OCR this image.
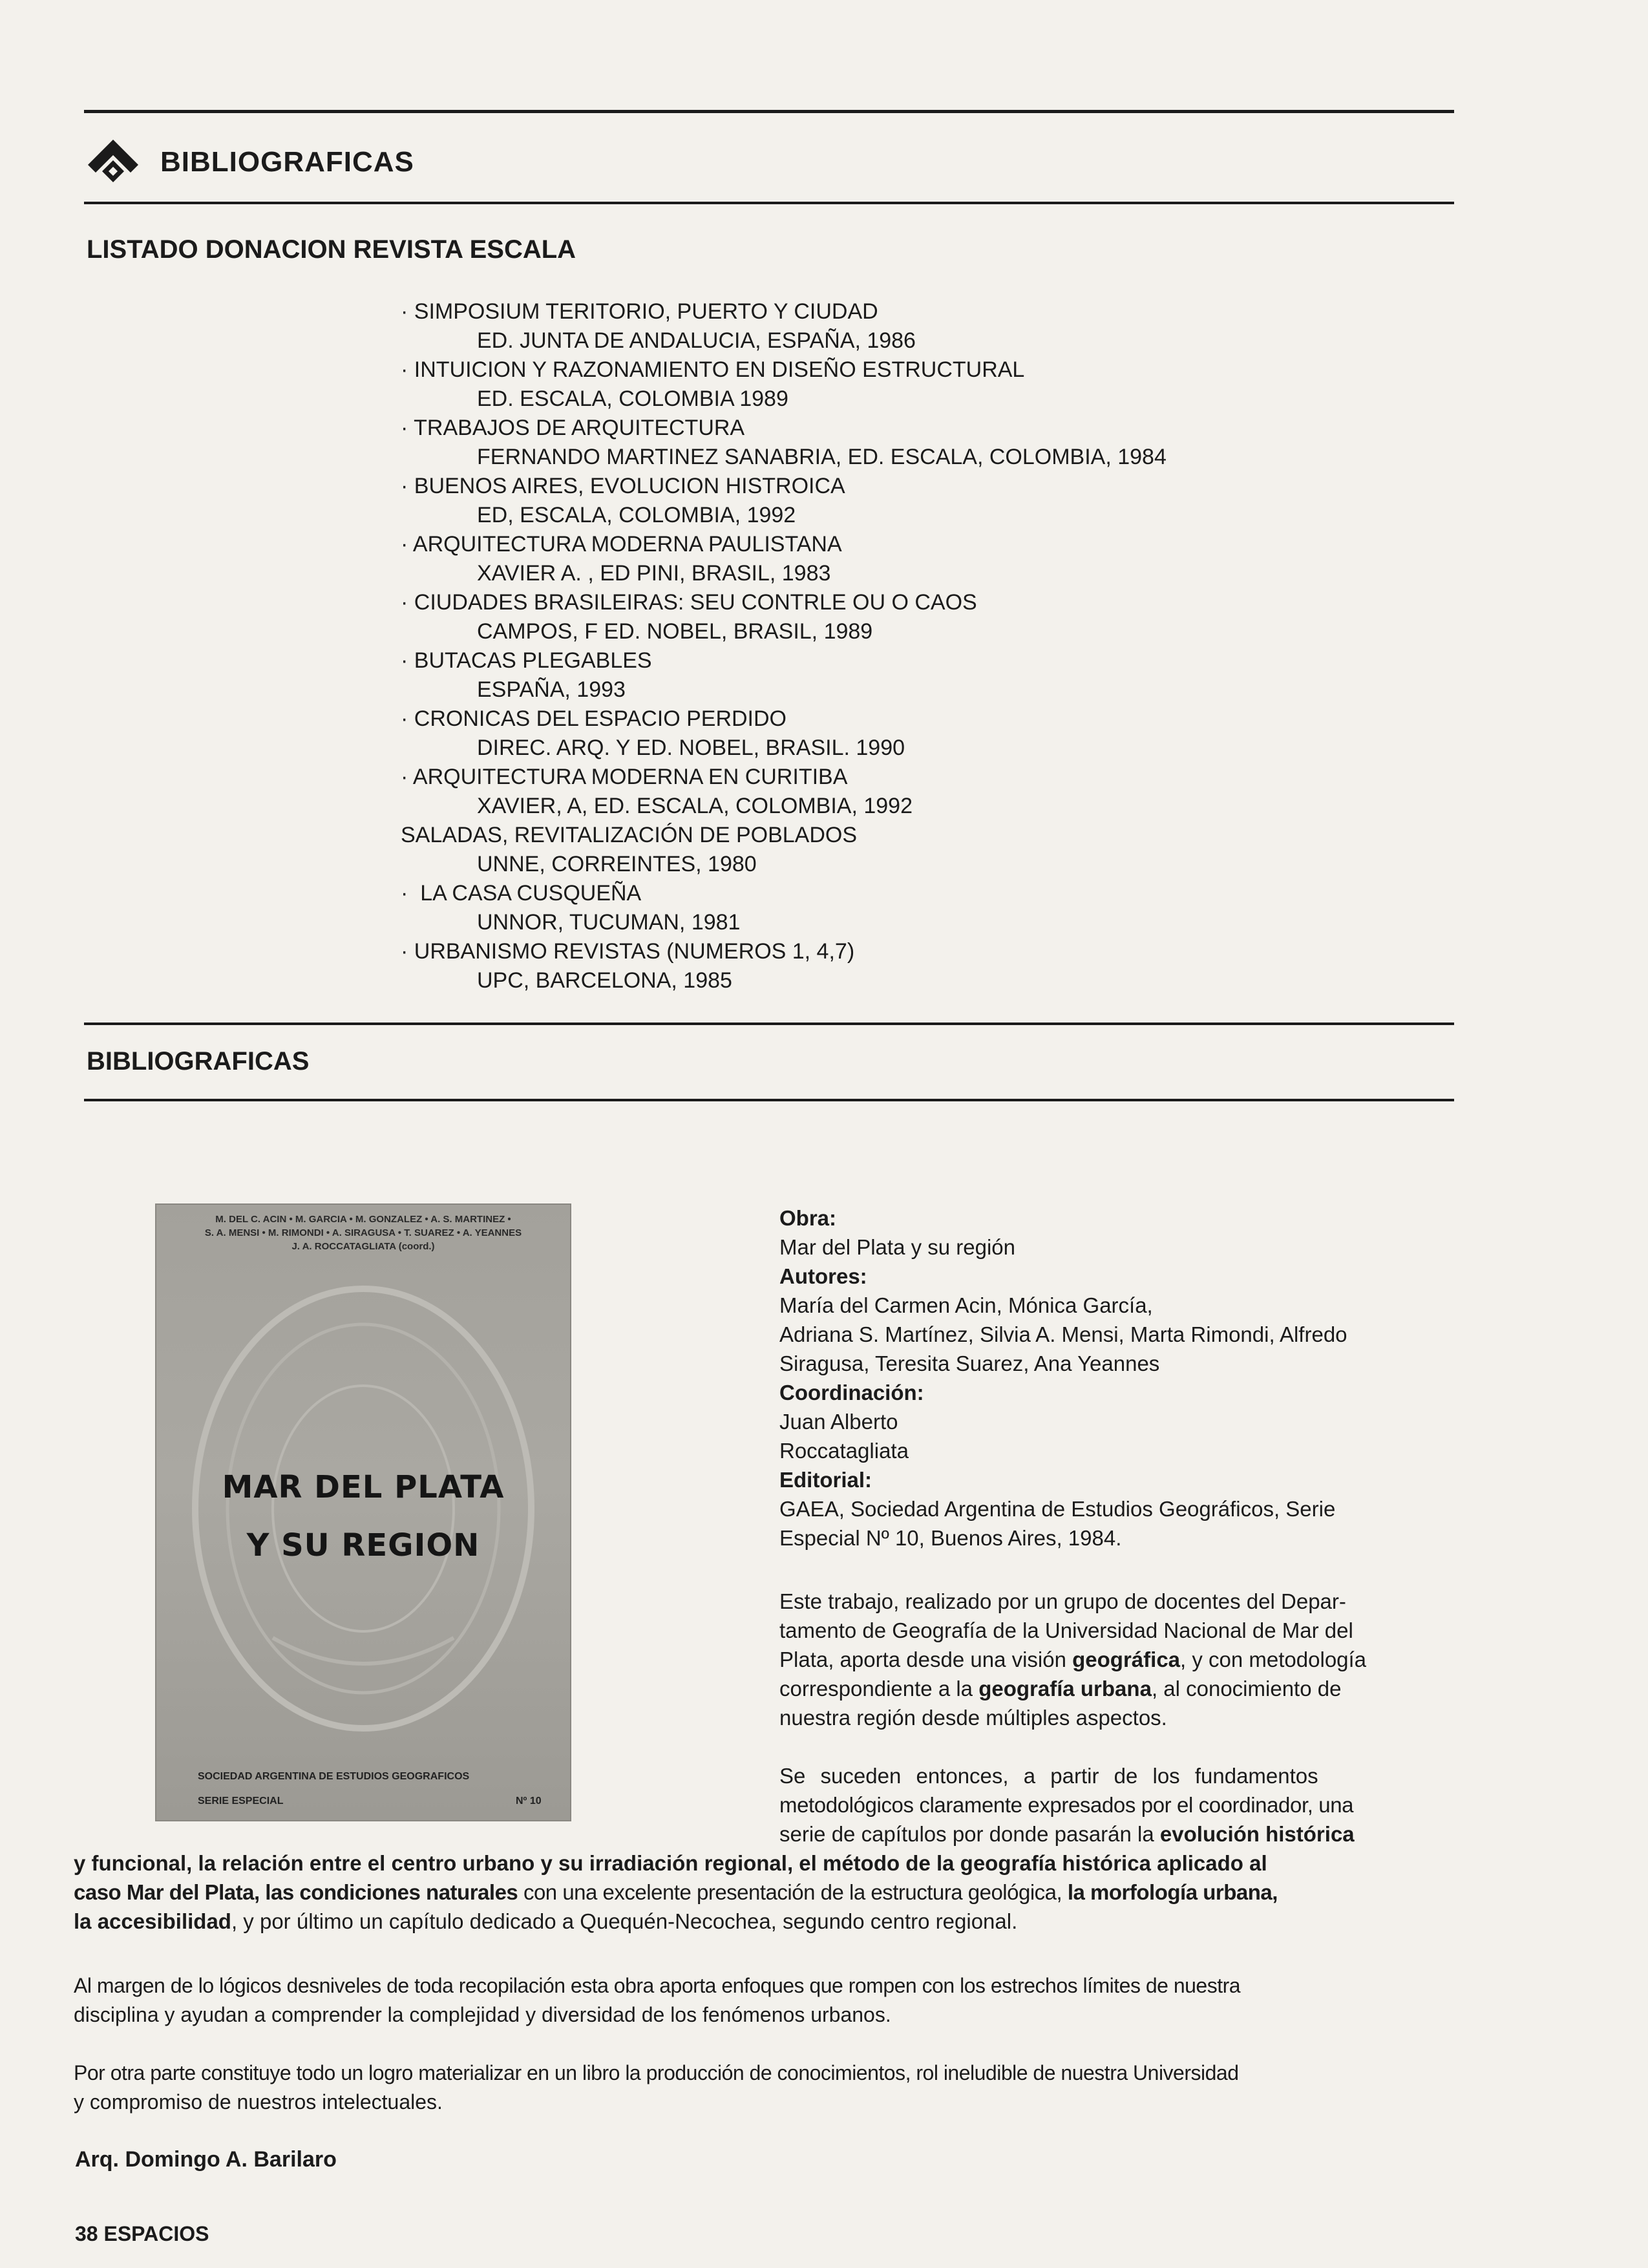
BIBLIOGRAFICAS
LISTADO DONACION REVISTA ESCALA
· SIMPOSIUM TERITORIO, PUERTO Y CIUDAD
ED. JUNTA DE ANDALUCIA, ESPAÑA, 1986
· INTUICION Y RAZONAMIENTO EN DISEÑO ESTRUCTURAL
ED. ESCALA, COLOMBIA 1989
· TRABAJOS DE ARQUITECTURA
FERNANDO MARTINEZ SANABRIA, ED. ESCALA, COLOMBIA, 1984
· BUENOS AIRES, EVOLUCION HISTROICA
ED, ESCALA, COLOMBIA, 1992
· ARQUITECTURA MODERNA PAULISTANA
XAVIER A. , ED PINI, BRASIL, 1983
· CIUDADES BRASILEIRAS: SEU CONTRLE OU O CAOS
CAMPOS, F ED. NOBEL, BRASIL, 1989
· BUTACAS PLEGABLES
ESPAÑA, 1993
· CRONICAS DEL ESPACIO PERDIDO
DIREC. ARQ. Y ED. NOBEL, BRASIL. 1990
· ARQUITECTURA MODERNA EN CURITIBA
XAVIER, A, ED. ESCALA, COLOMBIA, 1992
SALADAS, REVITALIZACIÓN DE POBLADOS
UNNE, CORREINTES, 1980
·  LA CASA CUSQUEÑA
UNNOR, TUCUMAN, 1981
· URBANISMO REVISTAS (NUMEROS 1, 4,7)
UPC, BARCELONA, 1985
BIBLIOGRAFICAS
M. DEL C. ACIN • M. GARCIA • M. GONZALEZ • A. S. MARTINEZ •
S. A. MENSI • M. RIMONDI • A. SIRAGUSA • T. SUAREZ • A. YEANNES
J. A. ROCCATAGLIATA (coord.)
MAR DEL PLATA
Y SU REGION
SOCIEDAD ARGENTINA DE ESTUDIOS GEOGRAFICOS
SERIE ESPECIAL	Nº 10
Obra:
Mar del Plata y su región
Autores:
María del Carmen Acin, Mónica García,
Adriana S. Martínez, Silvia A. Mensi, Marta Rimondi, Alfredo
Siragusa, Teresita Suarez, Ana Yeannes
Coordinación:
Juan Alberto
Roccatagliata
Editorial:
GAEA, Sociedad Argentina de Estudios Geográficos, Serie
Especial Nº 10, Buenos Aires, 1984.
Este trabajo, realizado por un grupo de docentes del Depar-
tamento de Geografía de la Universidad Nacional de Mar del
Plata, aporta desde una visión geográfica, y con metodología
correspondiente a la geografía urbana, al conocimiento de
nuestra región desde múltiples aspectos.
Se suceden entonces, a partir de los fundamentos
metodológicos claramente expresados por el coordinador, una
serie de capítulos por donde pasarán la evolución histórica
y funcional, la relación entre el centro urbano y su irradiación regional, el método de la geografía histórica aplicado al
caso Mar del Plata, las condiciones naturales con una excelente presentación de la estructura geológica, la morfología urbana,
la accesibilidad, y por último un capítulo dedicado a Quequén-Necochea, segundo centro regional.
Al margen de lo lógicos desniveles de toda recopilación esta obra aporta enfoques que rompen con los estrechos límites de nuestra
disciplina y ayudan a comprender la complejidad y diversidad de los fenómenos urbanos.
Por otra parte constituye todo un logro materializar en un libro la producción de conocimientos, rol ineludible de nuestra Universidad
y compromiso de nuestros intelectuales.
Arq. Domingo A. Barilaro
38 ESPACIOS
